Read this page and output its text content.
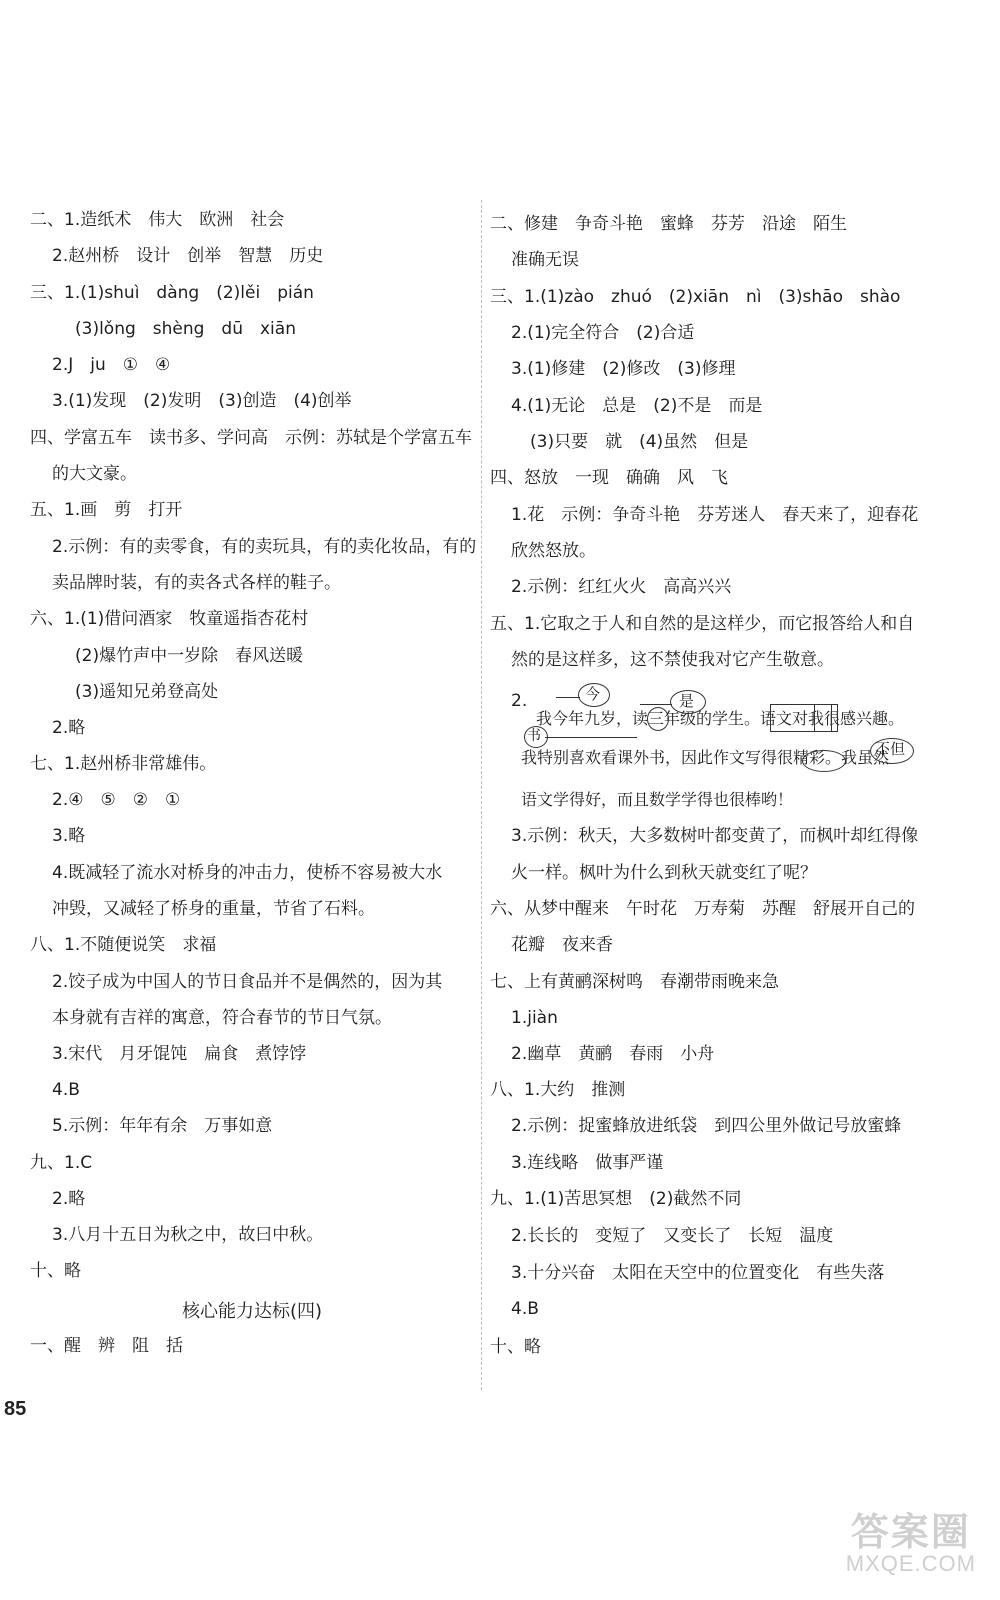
二、1.造纸术　伟大　欧洲　社会
2.赵州桥　设计　创举　智慧　历史
三、1.(1)shuì　dàng　(2)lěi　pián
(3)lǒng　shèng　dū　xiān
2.J　ju　①　④
3.(1)发现　(2)发明　(3)创造　(4)创举
四、学富五车　读书多、学问高　示例：苏轼是个学富五车
的大文豪。
五、1.画　剪　打开
2.示例：有的卖零食，有的卖玩具，有的卖化妆品，有的
卖品牌时装，有的卖各式各样的鞋子。
六、1.(1)借问酒家　牧童遥指杏花村
(2)爆竹声中一岁除　春风送暖
(3)遥知兄弟登高处
2.略
七、1.赵州桥非常雄伟。
2.④　⑤　②　①
3.略
4.既减轻了流水对桥身的冲击力，使桥不容易被大水
冲毁，又减轻了桥身的重量，节省了石料。
八、1.不随便说笑　求福
2.饺子成为中国人的节日食品并不是偶然的，因为其
本身就有吉祥的寓意，符合春节的节日气氛。
3.宋代　月牙馄饨　扁食　煮饽饽
4.B
5.示例：年年有余　万事如意
九、1.C
2.略
3.八月十五日为秋之中，故曰中秋。
十、略
核心能力达标(四)
一、醒　辨　阻　括
二、修建　争奇斗艳　蜜蜂　芬芳　沿途　陌生
准确无误
三、1.(1)zào　zhuó　(2)xiān　nì　(3)shāo　shào
2.(1)完全符合　(2)合适
3.(1)修建　(2)修改　(3)修理
4.(1)无论　总是　(2)不是　而是
(3)只要　就　(4)虽然　但是
四、怒放　一现　确确　风　飞
1.花　示例：争奇斗艳　芬芳迷人　春天来了，迎春花
欣然怒放。
2.示例：红红火火　高高兴兴
五、1.它取之于人和自然的是这样少，而它报答给人和自
然的是这样多，这不禁使我对它产生敬意。
2.
我今年九岁，读三年级的学生。语文对我很感兴趣。
今	是
我特别喜欢看课外书，因此作文写得很精彩。我虽然
书
不但
语文学得好，而且数学学得也很棒哟！
3.示例：秋天，大多数树叶都变黄了，而枫叶却红得像
火一样。枫叶为什么到秋天就变红了呢？
六、从梦中醒来　午时花　万寿菊　苏醒　舒展开自己的
花瓣　夜来香
七、上有黄鹂深树鸣　春潮带雨晚来急
1.jiàn
2.幽草　黄鹂　春雨　小舟
八、1.大约　推测
2.示例：捉蜜蜂放进纸袋　到四公里外做记号放蜜蜂
3.连线略　做事严谨
九、1.(1)苦思冥想　(2)截然不同
2.长长的　变短了　又变长了　长短　温度
3.十分兴奋　太阳在天空中的位置变化　有些失落
4.B
十、略
85
答案圈
MXQE.COM
